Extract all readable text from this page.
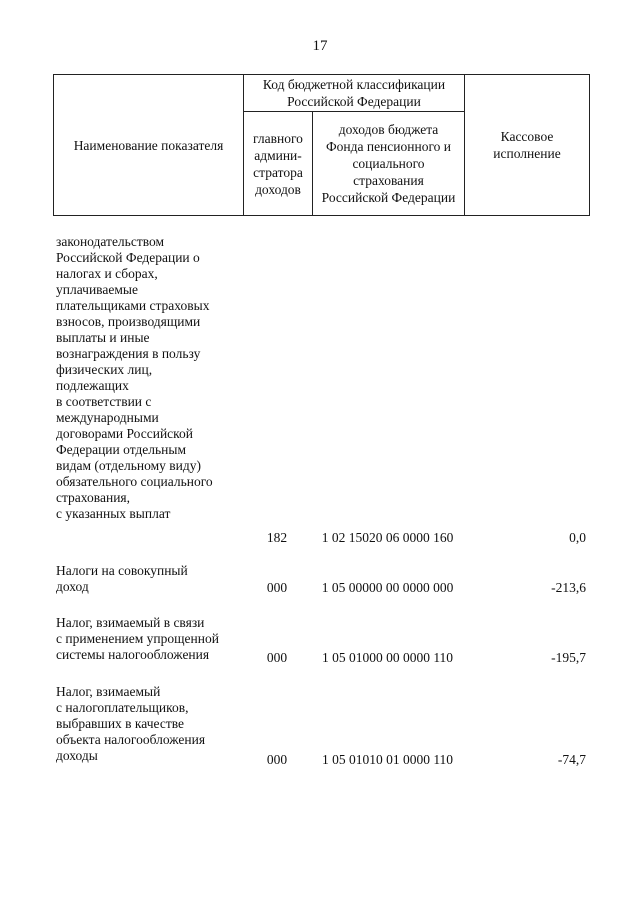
17
Наименование показателя
Код бюджетной классификации Российской Федерации
главного админи-стратора доходов
доходов бюджета Фонда пенсионного и социального страхования Российской Федерации
Кассовое исполнение
законодательством
Российской Федерации о
налогах и сборах,
уплачиваемые
плательщиками страховых
взносов, производящими
выплаты и иные
вознаграждения в пользу
физических лиц,
подлежащих
в соответствии с
международными
договорами Российской
Федерации отдельным
видам (отдельному виду)
обязательного социального
страхования,
с указанных выплат
182	1 02 15020 06 0000 160	0,0
Налоги на совокупный
доход	000	1 05 00000 00 0000 000	-213,6
Налог, взимаемый в связи
с применением упрощенной
системы налогообложения	000	1 05 01000 00 0000 110	-195,7
Налог, взимаемый
с налогоплательщиков,
выбравших в качестве
объекта налогообложения
доходы	000	1 05 01010 01 0000 110	-74,7
